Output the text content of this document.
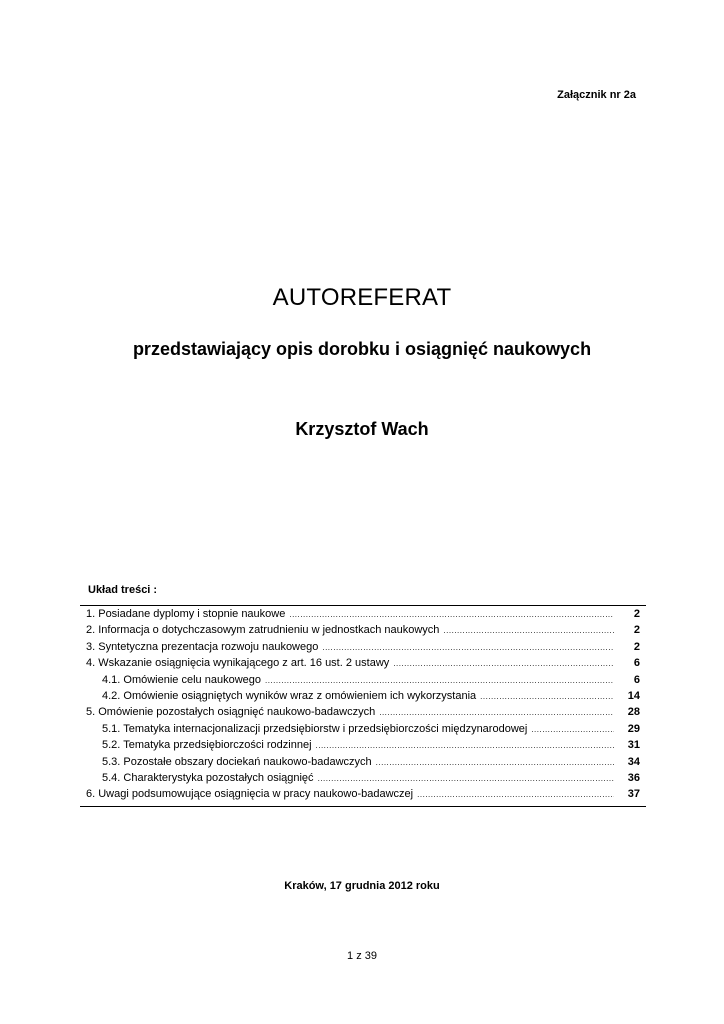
Załącznik nr 2a
AUTOREFERAT
przedstawiający opis dorobku i osiągnięć naukowych
Krzysztof Wach
Układ treści :
1. Posiadane dyplomy i stopnie naukowe .....	2
2. Informacja o dotychczasowym zatrudnieniu w jednostkach naukowych .....	2
3. Syntetyczna prezentacja rozwoju naukowego .....	2
4. Wskazanie osiągnięcia wynikającego z art. 16 ust. 2 ustawy .....	6
4.1. Omówienie celu naukowego .....	6
4.2. Omówienie osiągniętych wyników wraz z omówieniem ich wykorzystania .....	14
5. Omówienie pozostałych osiągnięć naukowo-badawczych .....	28
5.1. Tematyka internacjonalizacji przedsiębiorstw i przedsiębiorczości międzynarodowej .....	29
5.2. Tematyka przedsiębiorczości rodzinnej .....	31
5.3. Pozostałe obszary dociekań naukowo-badawczych .....	34
5.4. Charakterystyka pozostałych osiągnięć .....	36
6. Uwagi podsumowujące osiągnięcia w pracy naukowo-badawczej .....	37
Kraków, 17 grudnia 2012 roku
1 z 39
